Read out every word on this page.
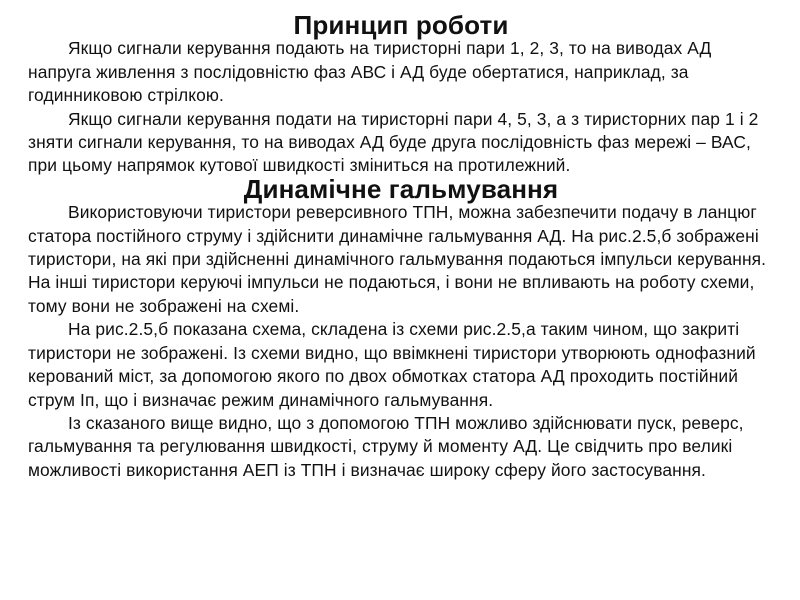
Принцип роботи

Якщо сигнали керування подають на тиристорні пари 1, 2, 3, то на виводах АД напруга живлення з послідовністю фаз АВС і АД буде обертатися, наприклад, за годинниковою стрілкою.

Якщо сигнали керування подати на тиристорні пари 4, 5, 3, а з тиристорних пар 1 і 2 зняти сигнали керування, то на виводах АД буде друга послідовність фаз мережі – ВАС, при цьому напрямок кутової швидкості зміниться на протилежний.

Динамічне гальмування

Використовуючи тиристори реверсивного ТПН, можна забезпечити подачу в ланцюг статора постійного струму і здійснити динамічне гальмування АД. На рис.2.5,б зображені тиристори, на які при здійсненні динамічного гальмування подаються імпульси керування. На інші тиристори керуючі імпульси не подаються, і вони не впливають на роботу схеми, тому вони не зображені на схемі.

На рис.2.5,б показана схема, складена із схеми рис.2.5,а таким чином, що закриті тиристори не зображені. Із схеми видно, що ввімкнені тиристори утворюють однофазний керований міст, за допомогою якого по двох обмотках статора АД проходить постійний струм Iп, що і визначає режим динамічного гальмування.

Із сказаного вище видно, що з допомогою ТПН можливо здійснювати пуск, реверс, гальмування та регулювання швидкості, струму й моменту АД. Це свідчить про великі можливості використання АЕП із ТПН і визначає широку сферу його застосування.
